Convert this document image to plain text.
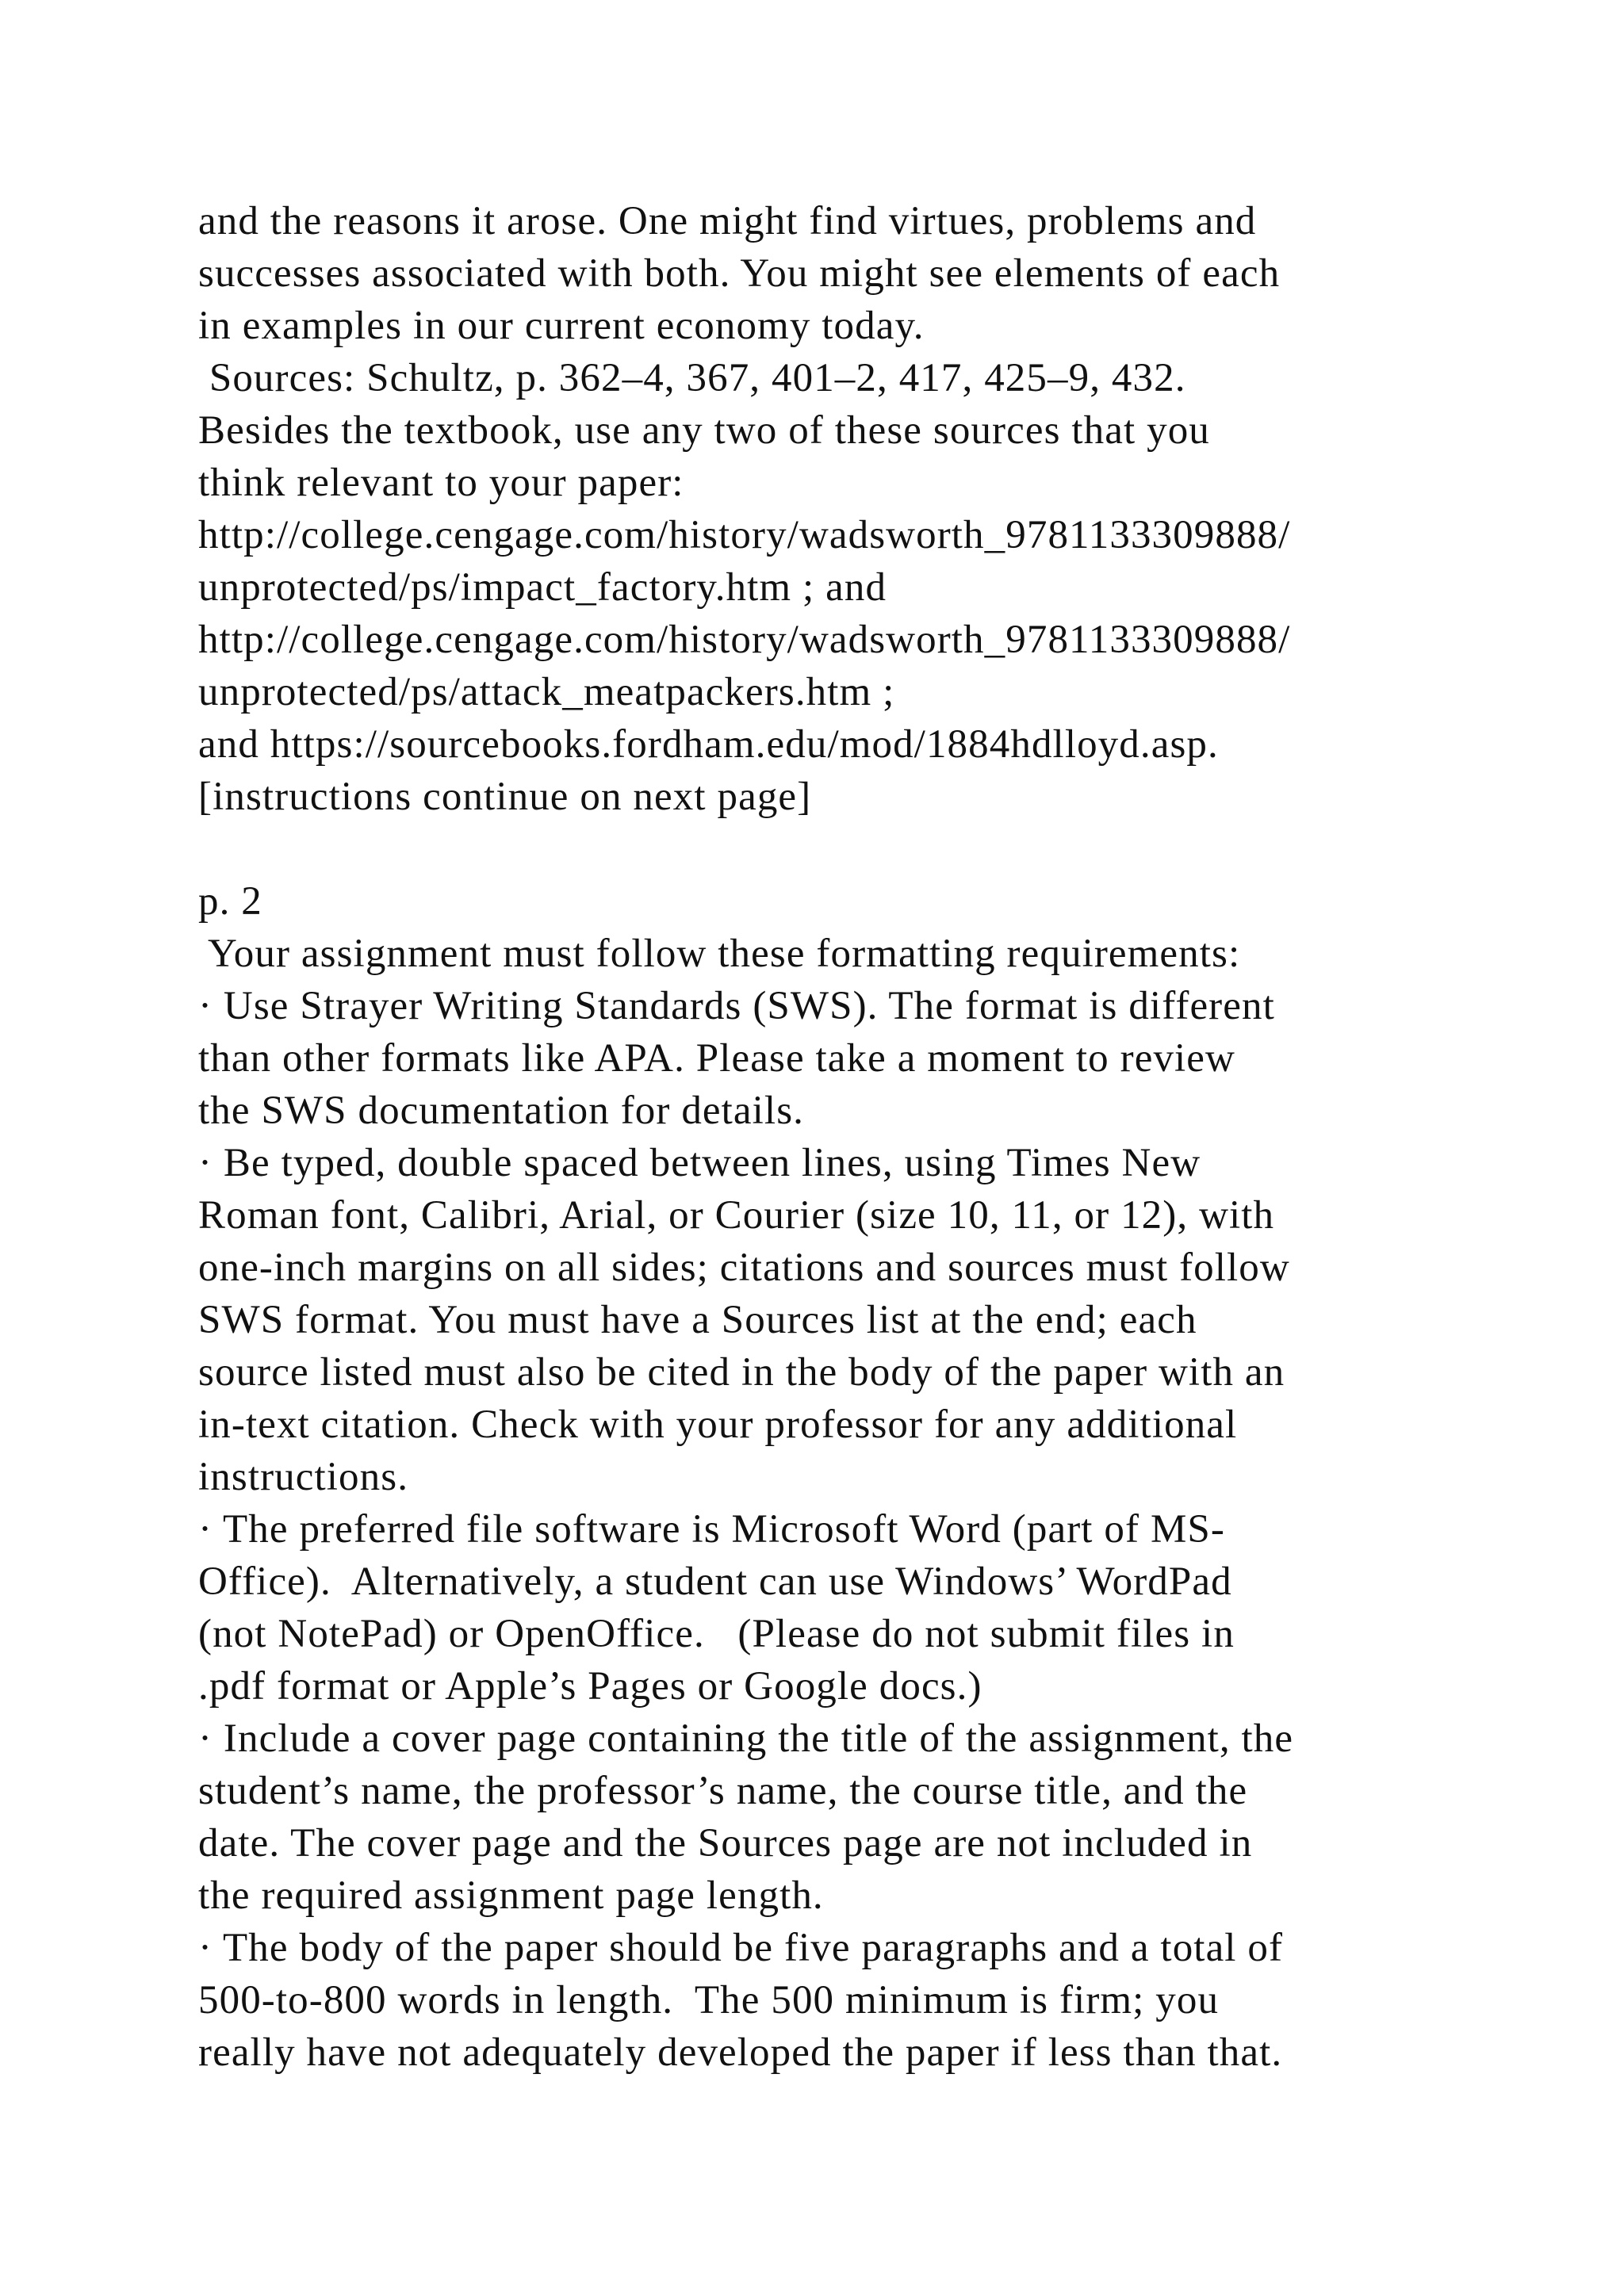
and the reasons it arose. One might find virtues, problems and
successes associated with both. You might see elements of each
in examples in our current economy today.
Sources: Schultz, p. 362–4, 367, 401–2, 417, 425–9, 432.
Besides the textbook, use any two of these sources that you
think relevant to your paper:
http://college.cengage.com/history/wadsworth_9781133309888/
unprotected/ps/impact_factory.htm ; and
http://college.cengage.com/history/wadsworth_9781133309888/
unprotected/ps/attack_meatpackers.htm ;
and https://sourcebooks.fordham.edu/mod/1884hdlloyd.asp.
[instructions continue on next page]
p. 2
Your assignment must follow these formatting requirements:
· Use Strayer Writing Standards (SWS). The format is different
than other formats like APA. Please take a moment to review
the SWS documentation for details.
· Be typed, double spaced between lines, using Times New
Roman font, Calibri, Arial, or Courier (size 10, 11, or 12), with
one-inch margins on all sides; citations and sources must follow
SWS format. You must have a Sources list at the end; each
source listed must also be cited in the body of the paper with an
in-text citation. Check with your professor for any additional
instructions.
· The preferred file software is Microsoft Word (part of MS-
Office).  Alternatively, a student can use Windows’ WordPad
(not NotePad) or OpenOffice.   (Please do not submit files in
.pdf format or Apple’s Pages or Google docs.)
· Include a cover page containing the title of the assignment, the
student’s name, the professor’s name, the course title, and the
date. The cover page and the Sources page are not included in
the required assignment page length.
· The body of the paper should be five paragraphs and a total of
500-to-800 words in length.  The 500 minimum is firm; you
really have not adequately developed the paper if less than that.
